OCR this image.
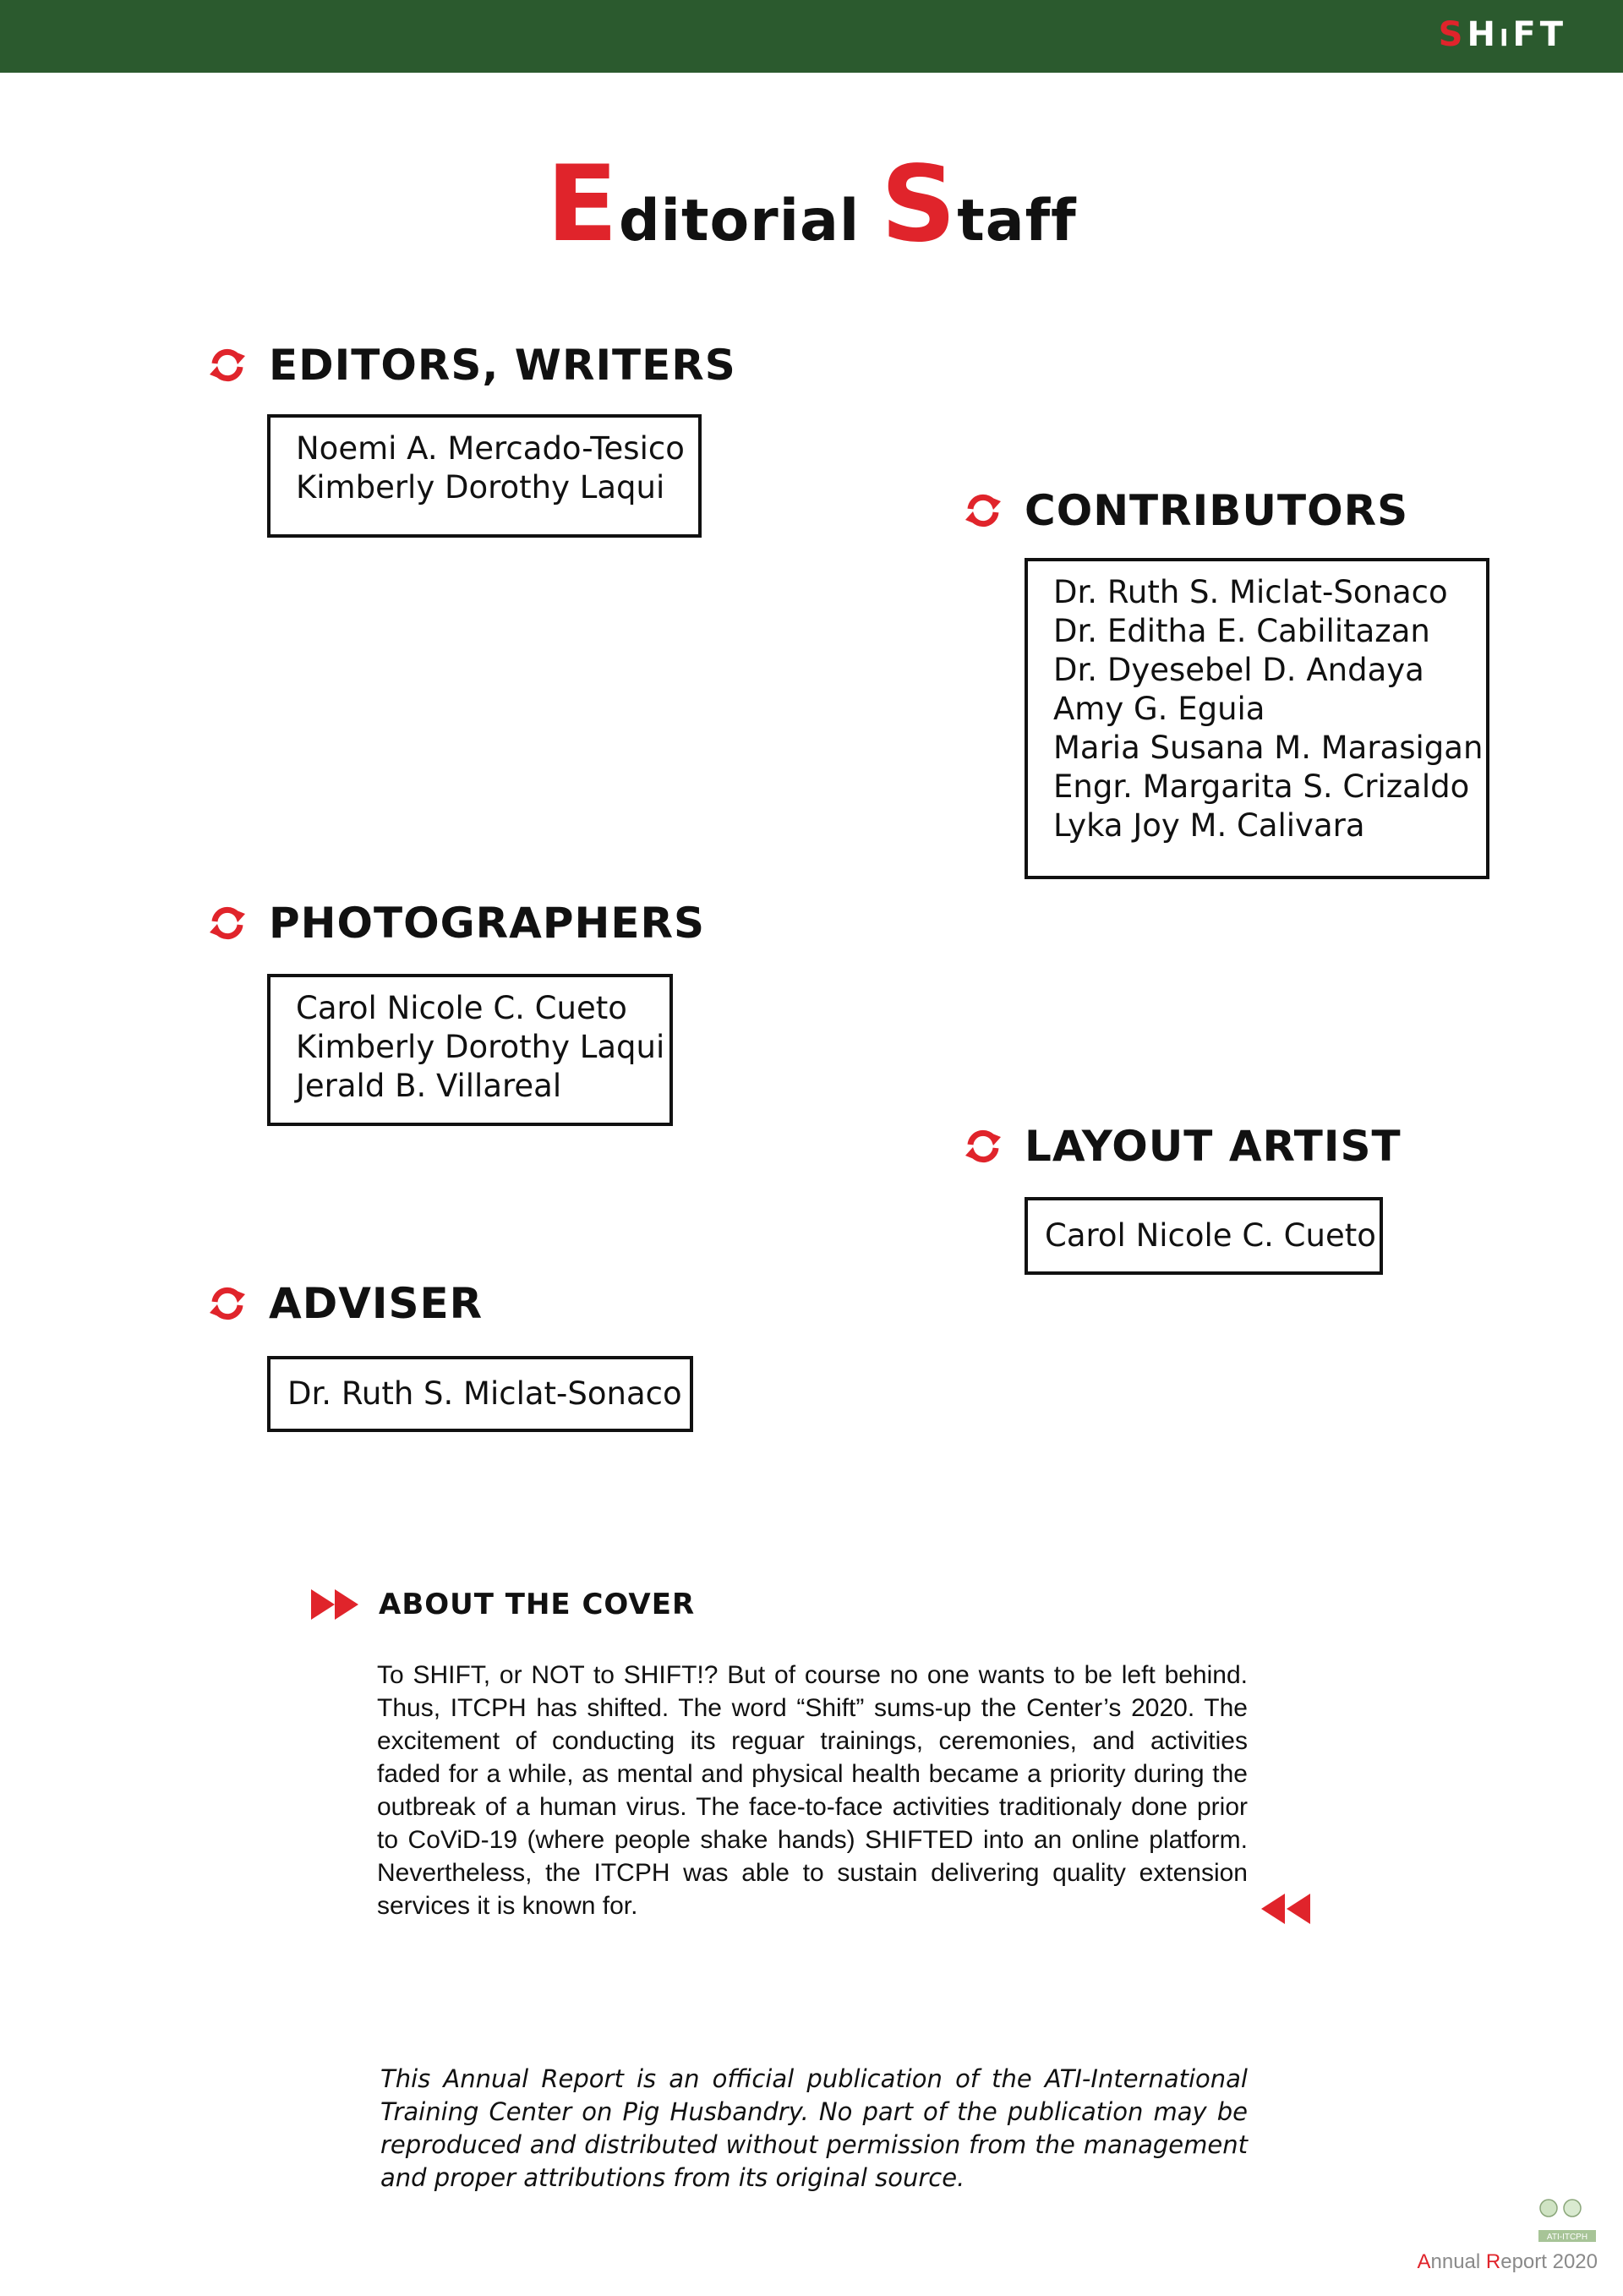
SHIFT
Editorial Staff
EDITORS, WRITERS
Noemi A. Mercado-Tesico
Kimberly Dorothy Laqui	CONTRIBUTORS
Dr. Ruth S. Miclat-Sonaco
Dr. Editha E. Cabilitazan
Dr. Dyesebel D. Andaya
Amy G. Eguia
Maria Susana M. Marasigan
Engr. Margarita S. Crizaldo
Lyka Joy M. Calivara
PHOTOGRAPHERS
Carol Nicole C. Cueto
Kimberly Dorothy Laqui
Jerald B. Villareal
LAYOUT ARTIST
Carol Nicole C. Cueto
ADVISER
Dr. Ruth S. Miclat-Sonaco
ABOUT THE COVER
To SHIFT, or NOT to SHIFT!? But of course no one wants to be left behind. Thus, ITCPH has shifted. The word “Shift” sums-up the Center’s 2020. The excitement of conducting its reguar trainings, ceremonies, and activities faded for a while, as mental and physical health became a priority during the outbreak of a human virus. The face-to-face activities traditionaly done prior to CoViD-19 (where people shake hands) SHIFTED into an online platform. Nevertheless, the ITCPH was able to sustain delivering quality extension services it is known for.
This Annual Report is an official publication of the ATI-International Training Center on Pig Husbandry. No part of the publication may be reproduced and distributed without permission from the management and proper attributions from its original source.
ATI-ITCPH
Annual Report 2020
